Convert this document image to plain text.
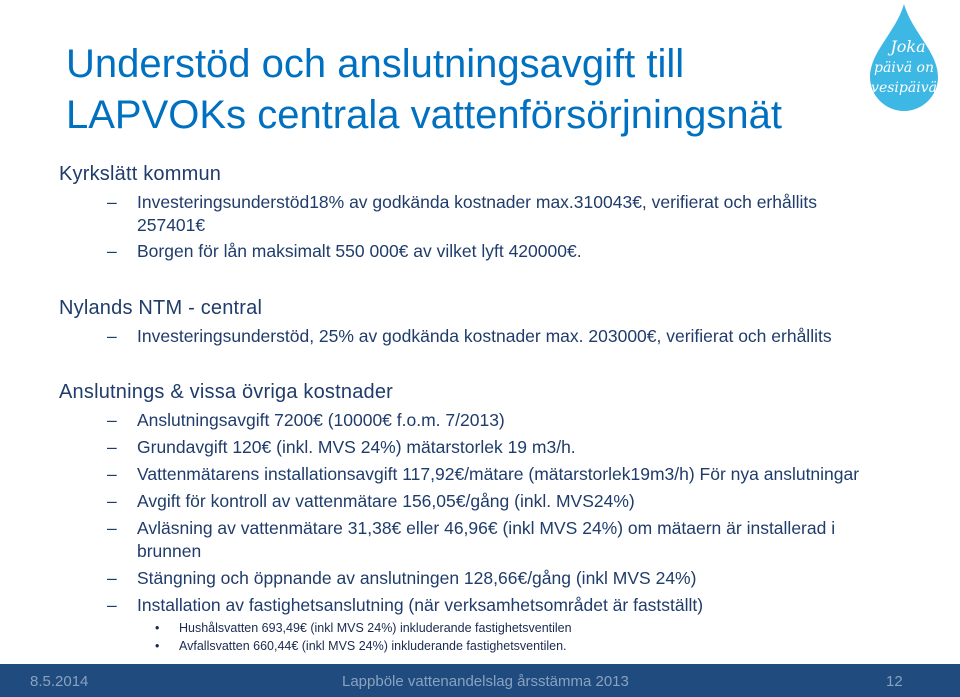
Understöd och anslutningsavgift till
LAPVOKs centrala vattenförsörjningsnät
Joka
päivä on
vesipäivä
Kyrkslätt kommun
– Investeringsunderstöd18% av godkända kostnader max.310043€, verifierat och erhållits
257401€
– Borgen för lån maksimalt 550 000€ av vilket lyft 420000€.
Nylands NTM - central
– Investeringsunderstöd, 25% av godkända kostnader max. 203000€, verifierat och erhållits
Anslutnings & vissa övriga kostnader
– Anslutningsavgift 7200€ (10000€ f.o.m. 7/2013)
– Grundavgift 120€ (inkl. MVS 24%) mätarstorlek 19 m3/h.
– Vattenmätarens installationsavgift 117,92€/mätare (mätarstorlek19m3/h) För nya anslutningar
– Avgift för kontroll av vattenmätare 156,05€/gång (inkl. MVS24%)
– Avläsning av vattenmätare 31,38€ eller 46,96€ (inkl MVS 24%) om mätaern är installerad i
brunnen
– Stängning och öppnande av anslutningen 128,66€/gång (inkl MVS 24%)
– Installation av fastighetsanslutning (när verksamhetsområdet är fastställt)
• Hushålsvatten 693,49€ (inkl MVS 24%) inkluderande fastighetsventilen
• Avfallsvatten 660,44€ (inkl MVS 24%) inkluderande fastighetsventilen.
8.5.2014	Lappböle vattenandelslag årsstämma 2013	12
